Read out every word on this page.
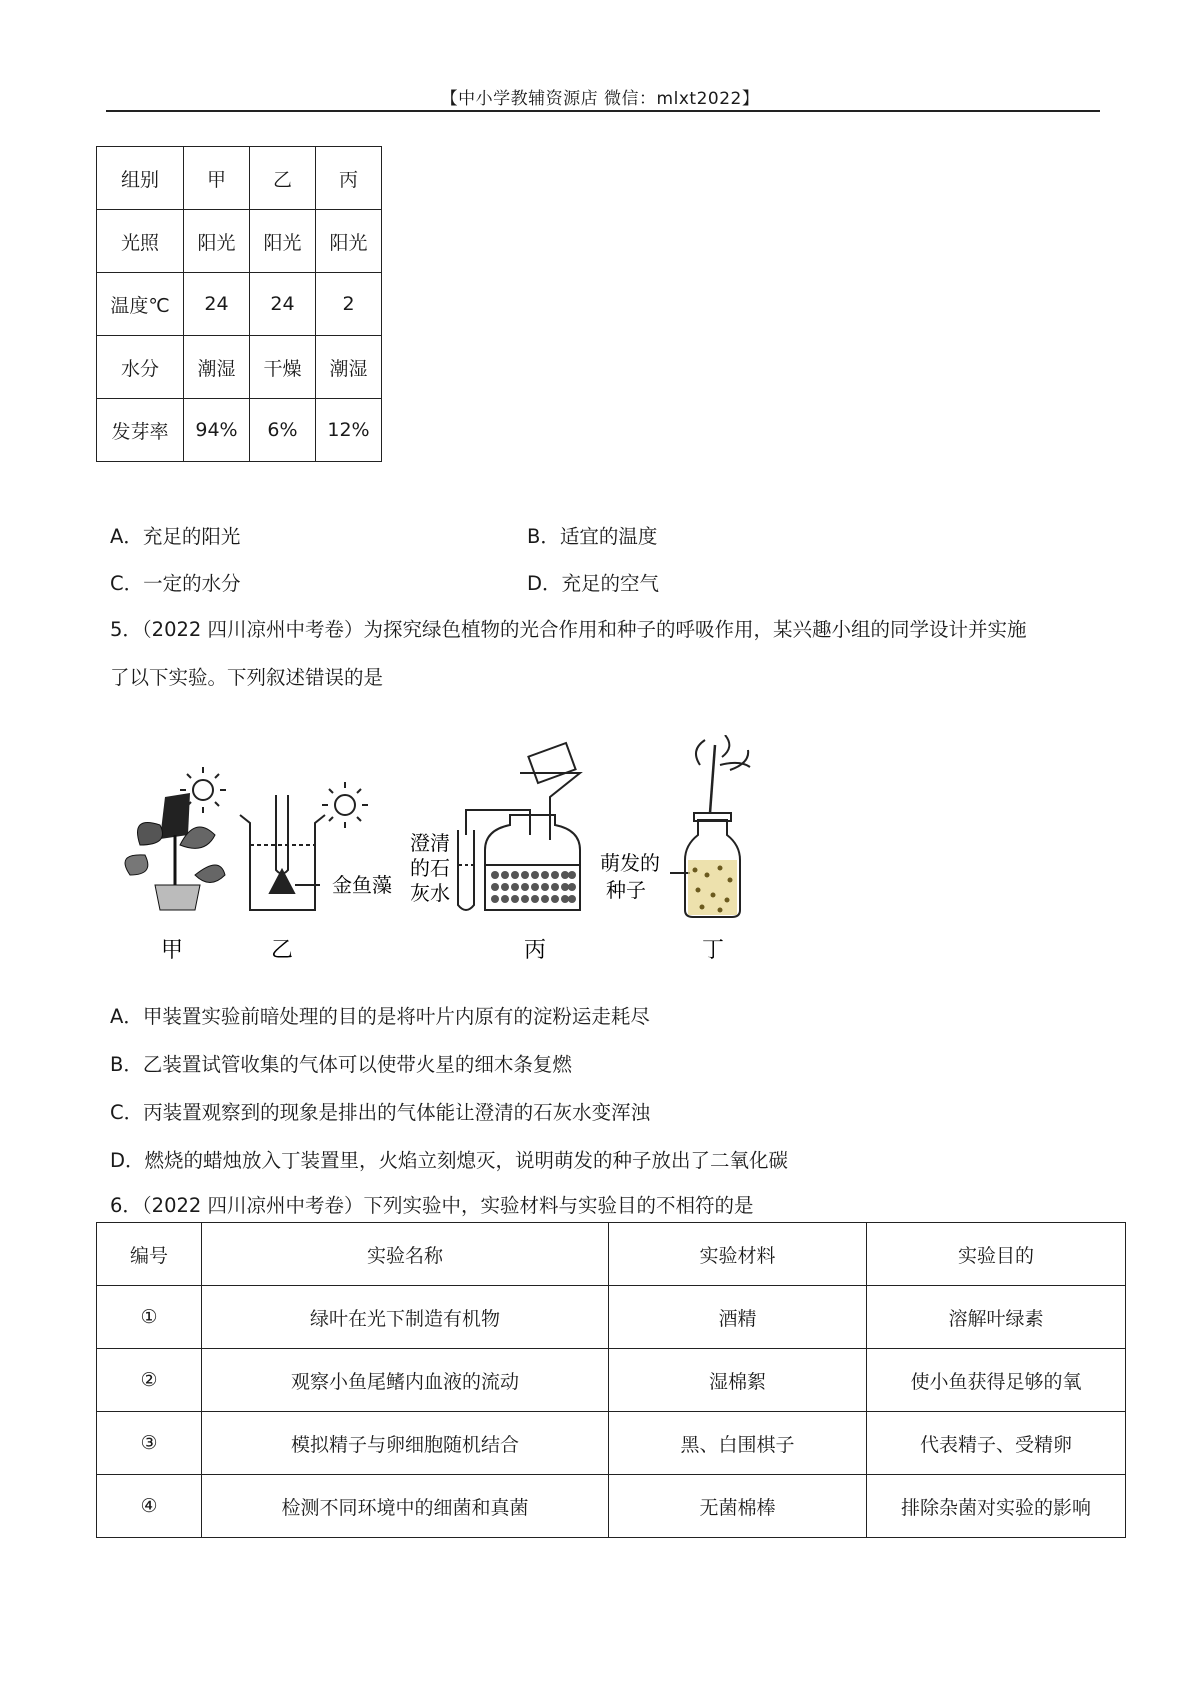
【中小学教辅资源店 微信：mlxt2022】
组别	甲	乙	丙
光照	阳光	阳光	阳光
温度℃	24	24	2
水分	潮湿	干燥	潮湿
发芽率	94%	6%	12%
A．充足的阳光	B．适宜的温度
C．一定的水分	D．充足的空气
5．（2022 四川凉州中考卷）为探究绿色植物的光合作用和种子的呼吸作用，某兴趣小组的同学设计并实施
了以下实验。下列叙述错误的是
甲
金鱼藻
乙
澄清
的石
灰水
丙
萌发的
种子
丁
A．甲装置实验前暗处理的目的是将叶片内原有的淀粉运走耗尽
B．乙装置试管收集的气体可以使带火星的细木条复燃
C．丙装置观察到的现象是排出的气体能让澄清的石灰水变浑浊
D．燃烧的蜡烛放入丁装置里，火焰立刻熄灭，说明萌发的种子放出了二氧化碳
6．（2022 四川凉州中考卷）下列实验中，实验材料与实验目的不相符的是
编号	实验名称	实验材料	实验目的
①	绿叶在光下制造有机物	酒精	溶解叶绿素
②	观察小鱼尾鳍内血液的流动	湿棉絮	使小鱼获得足够的氧
③	模拟精子与卵细胞随机结合	黑、白围棋子	代表精子、受精卵
④	检测不同环境中的细菌和真菌	无菌棉棒	排除杂菌对实验的影响
